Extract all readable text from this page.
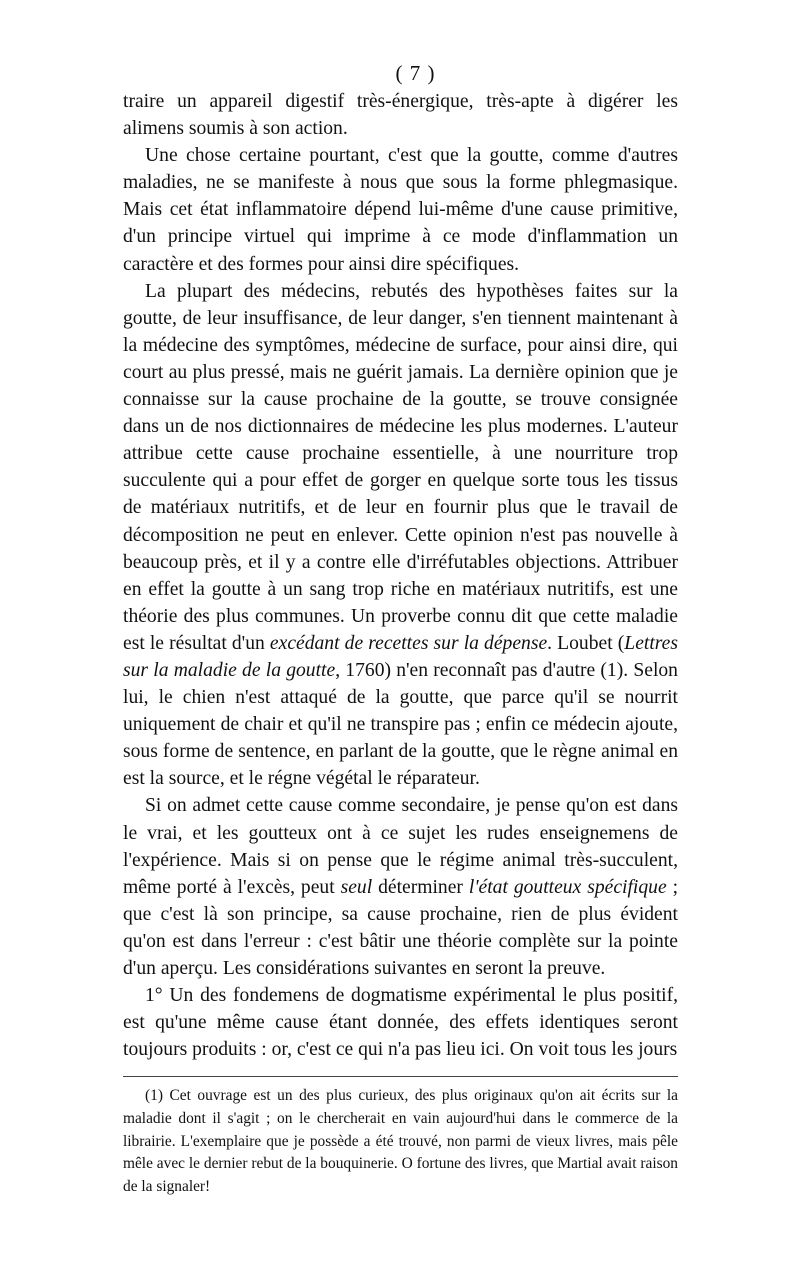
( 7 )

traire un appareil digestif très-énergique, très-apte à digérer les alimens soumis à son action.

Une chose certaine pourtant, c'est que la goutte, comme d'autres maladies, ne se manifeste à nous que sous la forme phlegmasique. Mais cet état inflammatoire dépend lui-même d'une cause primitive, d'un principe virtuel qui imprime à ce mode d'inflammation un caractère et des formes pour ainsi dire spécifiques.

La plupart des médecins, rebutés des hypothèses faites sur la goutte, de leur insuffisance, de leur danger, s'en tiennent maintenant à la médecine des symptômes, médecine de surface, pour ainsi dire, qui court au plus pressé, mais ne guérit jamais. La dernière opinion que je connaisse sur la cause prochaine de la goutte, se trouve consignée dans un de nos dictionnaires de médecine les plus modernes. L'auteur attribue cette cause prochaine essentielle, à une nourriture trop succulente qui a pour effet de gorger en quelque sorte tous les tissus de matériaux nutritifs, et de leur en fournir plus que le travail de décomposition ne peut en enlever. Cette opinion n'est pas nouvelle à beaucoup près, et il y a contre elle d'irréfutables objections. Attribuer en effet la goutte à un sang trop riche en matériaux nutritifs, est une théorie des plus communes. Un proverbe connu dit que cette maladie est le résultat d'un excédant de recettes sur la dépense. Loubet (Lettres sur la maladie de la goutte, 1760) n'en reconnaît pas d'autre (1). Selon lui, le chien n'est attaqué de la goutte, que parce qu'il se nourrit uniquement de chair et qu'il ne transpire pas ; enfin ce médecin ajoute, sous forme de sentence, en parlant de la goutte, que le règne animal en est la source, et le régne végétal le réparateur.

Si on admet cette cause comme secondaire, je pense qu'on est dans le vrai, et les goutteux ont à ce sujet les rudes enseignemens de l'expérience. Mais si on pense que le régime animal très-succulent, même porté à l'excès, peut seul déterminer l'état goutteux spécifique ; que c'est là son principe, sa cause prochaine, rien de plus évident qu'on est dans l'erreur : c'est bâtir une théorie complète sur la pointe d'un aperçu. Les considérations suivantes en seront la preuve.

1° Un des fondemens de dogmatisme expérimental le plus positif, est qu'une même cause étant donnée, des effets identiques seront toujours produits : or, c'est ce qui n'a pas lieu ici. On voit tous les jours

(1) Cet ouvrage est un des plus curieux, des plus originaux qu'on ait écrits sur la maladie dont il s'agit ; on le chercherait en vain aujourd'hui dans le commerce de la librairie. L'exemplaire que je possède a été trouvé, non parmi de vieux livres, mais pêle mêle avec le dernier rebut de la bouquinerie. O fortune des livres, que Martial avait raison de la signaler!
